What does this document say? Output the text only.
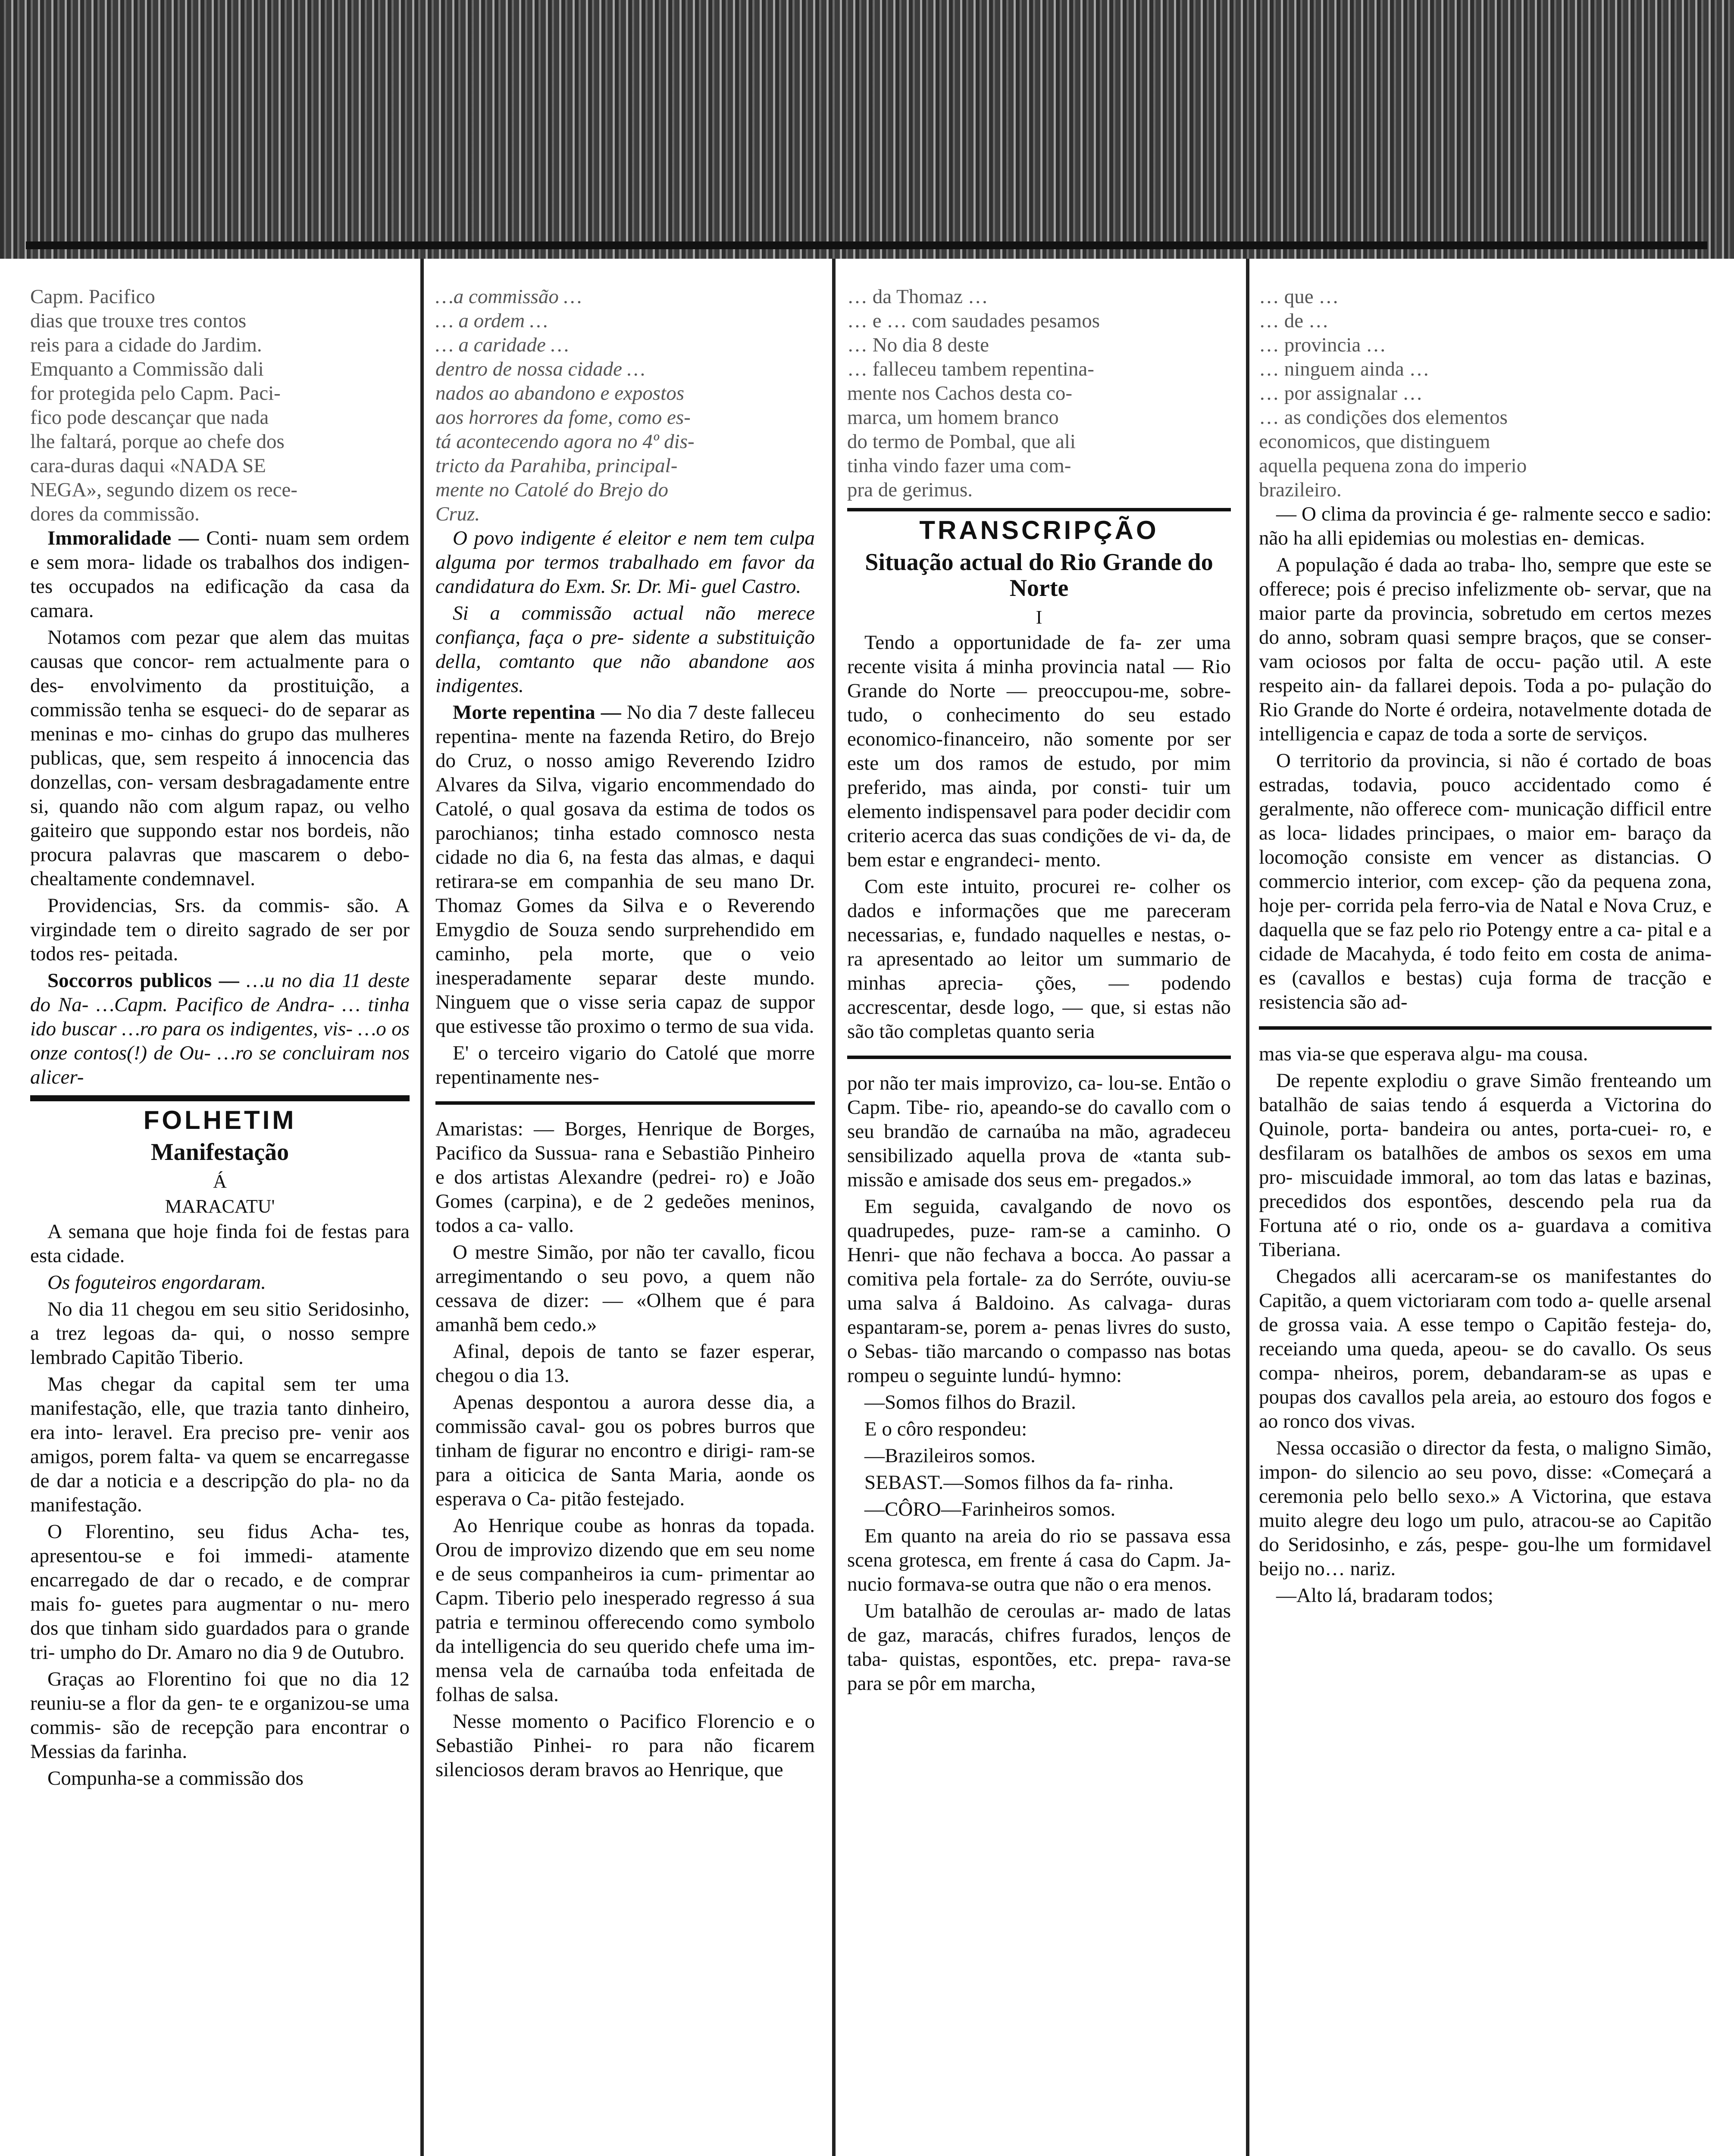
Capm. Pacifico
dias que trouxe tres contos
reis para a cidade do Jardim.
Emquanto a Commissão dali
for protegida pelo Capm. Paci-
fico pode descançar que nada
lhe faltará, porque ao chefe dos
cara-duras daqui «NADA SE
NEGA», segundo dizem os rece-
dores da commissão.

Immoralidade — Conti- nuam sem ordem e sem mora- lidade os trabalhos dos indigen- tes occupados na edificação da casa da camara.

Notamos com pezar que alem das muitas causas que concor- rem actualmente para o des- envolvimento da prostituição, a commissão tenha se esqueci- do de separar as meninas e mo- cinhas do grupo das mulheres publicas, que, sem respeito á innocencia das donzellas, con- versam desbragadamente entre si, quando não com algum rapaz, ou velho gaiteiro que suppondo estar nos bordeis, não procura palavras que mascarem o debo- chealtamente condemnavel.

Providencias, Srs. da commis- são. A virgindade tem o direito sagrado de ser por todos res- peitada.

Soccorros publicos — …u no dia 11 deste do Na- …Capm. Pacifico de Andra- … tinha ido buscar …ro para os indigentes, vis- …o os onze contos(!) de Ou- …ro se concluiram nos alicer-

FOLHETIM
Manifestação
Á
MARACATU'

A semana que hoje finda foi de festas para esta cidade.

Os foguteiros engordaram.

No dia 11 chegou em seu sitio Seridosinho, a trez legoas da- qui, o nosso sempre lembrado Capitão Tiberio.

Mas chegar da capital sem ter uma manifestação, elle, que trazia tanto dinheiro, era into- leravel. Era preciso pre- venir aos amigos, porem falta- va quem se encarregasse de dar a noticia e a descripção do pla- no da manifestação.

O Florentino, seu fidus Acha- tes, apresentou-se e foi immedi- atamente encarregado de dar o recado, e de comprar mais fo- guetes para augmentar o nu- mero dos que tinham sido guardados para o grande tri- umpho do Dr. Amaro no dia 9 de Outubro.

Graças ao Florentino foi que no dia 12 reuniu-se a flor da gen- te e organizou-se uma commis- são de recepção para encontrar o Messias da farinha.

Compunha-se a commissão dos

…a commissão …
… a ordem …
… a caridade …
dentro de nossa cidade …
nados ao abandono e expostos
aos horrores da fome, como es-
tá acontecendo agora no 4º dis-
tricto da Parahiba, principal-
mente no Catolé do Brejo do
Cruz.

O povo indigente é eleitor e nem tem culpa alguma por termos trabalhado em favor da candidatura do Exm. Sr. Dr. Mi- guel Castro.

Si a commissão actual não merece confiança, faça o pre- sidente a substituição della, comtanto que não abandone aos indigentes.

Morte repentina — No dia 7 deste falleceu repentina- mente na fazenda Retiro, do Brejo do Cruz, o nosso amigo Reverendo Izidro Alvares da Silva, vigario encommendado do Catolé, o qual gosava da estima de todos os parochianos; tinha estado comnosco nesta cidade no dia 6, na festa das almas, e daqui retirara-se em companhia de seu mano Dr. Thomaz Gomes da Silva e o Reverendo Emygdio de Souza sendo surprehendido em caminho, pela morte, que o veio inesperadamente separar deste mundo. Ninguem que o visse seria capaz de suppor que estivesse tão proximo o termo de sua vida.

E' o terceiro vigario do Catolé que morre repentinamente nes-

Amaristas: — Borges, Henrique de Borges, Pacifico da Sussua- rana e Sebastião Pinheiro e dos artistas Alexandre (pedrei- ro) e João Gomes (carpina), e de 2 gedeões meninos, todos a ca- vallo.

O mestre Simão, por não ter cavallo, ficou arregimentando o seu povo, a quem não cessava de dizer: — «Olhem que é para amanhã bem cedo.»

Afinal, depois de tanto se fazer esperar, chegou o dia 13.

Apenas despontou a aurora desse dia, a commissão caval- gou os pobres burros que tinham de figurar no encontro e dirigi- ram-se para a oiticica de Santa Maria, aonde os esperava o Ca- pitão festejado.

Ao Henrique coube as honras da topada. Orou de improvizo dizendo que em seu nome e de seus companheiros ia cum- primentar ao Capm. Tiberio pelo inesperado regresso á sua patria e terminou offerecendo como symbolo da intelligencia do seu querido chefe uma im- mensa vela de carnaúba toda enfeitada de folhas de salsa.

Nesse momento o Pacifico Florencio e o Sebastião Pinhei- ro para não ficarem silenciosos deram bravos ao Henrique, que

… da Thomaz …
… e … com saudades pesamos
… No dia 8 deste
… falleceu tambem repentina-
mente nos Cachos desta co-
marca, um homem branco
do termo de Pombal, que ali
tinha vindo fazer uma com-
pra de gerimus.
TRANSCRIPÇÃO
Situação actual do Rio Grande do Norte
I

Tendo a opportunidade de fa- zer uma recente visita á minha provincia natal — Rio Grande do Norte — preoccupou-me, sobre- tudo, o conhecimento do seu estado economico-financeiro, não somente por ser este um dos ramos de estudo, por mim preferido, mas ainda, por consti- tuir um elemento indispensavel para poder decidir com criterio acerca das suas condições de vi- da, de bem estar e engrandeci- mento.

Com este intuito, procurei re- colher os dados e informações que me pareceram necessarias, e, fundado naquelles e nestas, o- ra apresentado ao leitor um summario de minhas aprecia- ções, — podendo accrescentar, desde logo, — que, si estas não são tão completas quanto seria

por não ter mais improvizo, ca- lou-se. Então o Capm. Tibe- rio, apeando-se do cavallo com o seu brandão de carnaúba na mão, agradeceu sensibilizado aquella prova de «tanta sub- missão e amisade dos seus em- pregados.»

Em seguida, cavalgando de novo os quadrupedes, puze- ram-se a caminho. O Henri- que não fechava a bocca. Ao passar a comitiva pela fortale- za do Serróte, ouviu-se uma salva á Baldoino. As calvaga- duras espantaram-se, porem a- penas livres do susto, o Sebas- tião marcando o compasso nas botas rompeu o seguinte lundú- hymno:

—Somos filhos do Brazil.

E o côro respondeu:

—Brazileiros somos.

SEBAST.—Somos filhos da fa- rinha.

—CÔRO—Farinheiros somos.

Em quanto na areia do rio se passava essa scena grotesca, em frente á casa do Capm. Ja- nucio formava-se outra que não o era menos.

Um batalhão de ceroulas ar- mado de latas de gaz, maracás, chifres furados, lenços de taba- quistas, espontões, etc. prepa- rava-se para se pôr em marcha,

… que …
… de …
… provincia …
… ninguem ainda …
… por assignalar …
… as condições dos elementos
economicos, que distinguem
aquella pequena zona do imperio
brazileiro.

— O clima da provincia é ge- ralmente secco e sadio: não ha alli epidemias ou molestias en- demicas.

A população é dada ao traba- lho, sempre que este se offerece; pois é preciso infelizmente ob- servar, que na maior parte da provincia, sobretudo em certos mezes do anno, sobram quasi sempre braços, que se conser- vam ociosos por falta de occu- pação util. A este respeito ain- da fallarei depois. Toda a po- pulação do Rio Grande do Norte é ordeira, notavelmente dotada de intelligencia e capaz de toda a sorte de serviços.

O territorio da provincia, si não é cortado de boas estradas, todavia, pouco accidentado como é geralmente, não offerece com- municação difficil entre as loca- lidades principaes, o maior em- baraço da locomoção consiste em vencer as distancias. O commercio interior, com excep- ção da pequena zona, hoje per- corrida pela ferro-via de Natal e Nova Cruz, e daquella que se faz pelo rio Potengy entre a ca- pital e a cidade de Macahyda, é todo feito em costa de anima- es (cavallos e bestas) cuja forma de tracção e resistencia são ad-

mas via-se que esperava algu- ma cousa.

De repente explodiu o grave Simão frenteando um batalhão de saias tendo á esquerda a Victorina do Quinole, porta- bandeira ou antes, porta-cuei- ro, e desfilaram os batalhões de ambos os sexos em uma pro- miscuidade immoral, ao tom das latas e bazinas, precedidos dos espontões, descendo pela rua da Fortuna até o rio, onde os a- guardava a comitiva Tiberiana.

Chegados alli acercaram-se os manifestantes do Capitão, a quem victoriaram com todo a- quelle arsenal de grossa vaia. A esse tempo o Capitão festeja- do, receiando uma queda, apeou- se do cavallo. Os seus compa- nheiros, porem, debandaram-se as upas e poupas dos cavallos pela areia, ao estouro dos fogos e ao ronco dos vivas.

Nessa occasião o director da festa, o maligno Simão, impon- do silencio ao seu povo, disse: «Começará a ceremonia pelo bello sexo.» A Victorina, que estava muito alegre deu logo um pulo, atracou-se ao Capitão do Seridosinho, e zás, pespe- gou-lhe um formidavel beijo no… nariz.

—Alto lá, bradaram todos;
